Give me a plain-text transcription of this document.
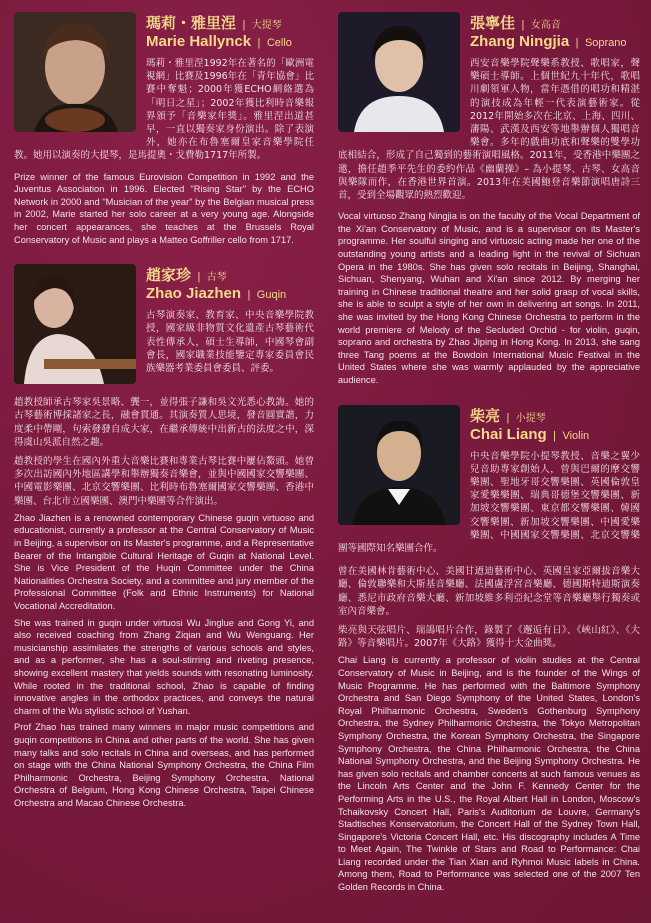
瑪莉・雅里涅 | 大提琴
Marie Hallynck | Cello
瑪莉・雅里涅1992年在著名的「歐洲電視網」比賽及1996年在「青年協會」比賽中奪魁；2000年獲ECHO網絡選為「明日之星」；2002年獲比利時音樂報界頒予「音樂家年獎」。雅里涅出道甚早，一直以獨奏家身份演出。除了表演外，她亦在布魯塞爾皇家音樂學院任教。她用以演奏的大提琴，是馬提奧・戈費勒1717年所製。
Prize winner of the famous Eurovision Competition in 1992 and the Juventus Association in 1996. Elected "Rising Star" by the ECHO Network in 2000 and "Musician of the year" by the Belgian musical press in 2002, Marie started her solo career at a very young age. Alongside her concert appearances, she teaches at the Brussels Royal Conservatory of Music and plays a Matteo Goffriller cello from 1717.
趙家珍 | 古琴
Zhao Jiazhen | Guqin
古琴演奏家、教育家、中央音樂學院教授，國家級非物質文化遺產古琴藝術代表性傳承人，碩士生導師，中國琴會副會長，國家職業技能鑒定專家委員會民族樂器考業委員會委員、評委。
趙教授師承古琴家吳景略、龔一，並得張子謙和吳文光悉心教誨。她的古琴藝術博採諸家之長，融會貫通。其演奏質人思境，發音圓實諧，力度柔中帶剛，句索發發自成大家，在繼承傳統中出新古的法度之中，深得虞山吳派自然之趣。
趙教授的學生在國內外重大音樂比賽和專業古琴比賽中屢佔鰲頭。她曾多次出訪國內外地區講學和舉辦獨奏音樂會，並與中國國家交響樂團、中國電影樂團、北京交響樂團、比利時布魯塞爾國家交響樂團、香港中樂團、台北市立國樂團、澳門中樂團等合作演出。
Zhao Jiazhen is a renowned contemporary Chinese guqin virtuoso and educationist, currently a professor at the Central Conservatory of Music in Beijing, a supervisor on its Master's programme, and a Representative Bearer of the Intangible Cultural Heritage of Guqin at National Level. She is Vice President of the Huqin Committee under the China Nationalities Orchestra Society, and a committee and jury member of the Professional Committee (Folk and Ethnic Instruments) for National Vocational Accreditation.
She was trained in guqin under virtuosi Wu Jinglue and Gong Yi, and also received coaching from Zhang Ziqian and Wu Wenguang. Her musicianship assimilates the strengths of various schools and styles, and as a performer, she has a soul-stirring and riveting presence, showing excellent mastery that yields sounds with resonating luminosity. While rooted in the traditional school, Zhao is capable of finding innovative angles in the orthodox practices, and conveys the natural charm of the Wu stylistic school of Yushan.
Prof Zhao has trained many winners in major music competitions and guqin competitions in China and other parts of the world. She has given many talks and solo recitals in China and overseas, and has performed on stage with the China National Symphony Orchestra, the China Film Philharmonic Orchestra, Beijing Symphony Orchestra, National Orchestra of Belgium, Hong Kong Chinese Orchestra, Taipei Chinese Orchestra and Macao Chinese Orchestra.
張寧佳 | 女高音
Zhang Ningjia | Soprano
西安音樂學院聲樂系教授、歌唱家，聲樂碩士導師。上個世紀九十年代，歌唱川劇領軍人物，當年憑借的唱功和精湛的演技成為年輕一代表演藝術家。從2012年開始多次在北京、上海、四川、瀋陽、武漢及西安等地舉辦個人獨唱音樂會。多年的戲曲功底和聲樂的雙學功底相結合，形成了自己獨到的藝術演唱風格。2011年，受香港中樂團之邀，擔任趙季平先生的委約作品《幽蘭操》– 為小提琴、古琴、女高音與樂隊而作，在香港世界首演。2013年在美國鮑登音樂節演唱唐詩三首，受到全場觀眾的熱烈歡迎。
Vocal virtuoso Zhang Ningjia is on the faculty of the Vocal Department of the Xi'an Conservatory of Music, and is a supervisor on its Master's programme. Her soulful singing and virtuosic acting made her one of the outstanding young artists and a leading light in the revival of Sichuan Opera in the 1980s. She has given solo recitals in Beijing, Shanghai, Sichuan, Shenyang, Wuhan and Xi'an since 2012. By merging her training in Chinese traditional theatre and her solid grasp of vocal skills, she is able to sculpt a style of her own in delivering art songs. In 2011, she was invited by the Hong Kong Chinese Orchestra to perform in the world premiere of Melody of the Secluded Orchid - for violin, guqin, soprano and orchestra by Zhao Jiping in Hong Kong. In 2013, she sang three Tang poems at the Bowdoin International Music Festival in the United States where she was warmly applauded by the appreciative audience.
柴亮 | 小提琴
Chai Liang | Violin
中央音樂學院小提琴教授、音樂之翼少兒音助專家創始人，曾與巴爾的摩交響樂團、聖地牙哥交響樂團、英國倫敦皇家愛樂樂團、瑞典哥德堡交響樂團、新加坡交響樂團、東京都交響樂團、韓國交響樂團、新加坡交響樂團、中國愛樂樂團、中國國家交響樂團、北京交響樂團等國際知名樂團合作。
曾在美國林肯藝術中心、美國甘迺迪藝術中心、英國皇家亞爾拔音樂大廳、倫敦聯樂和大斯基音樂廳、法國盧浮宮音樂廳、德國斯特迪斯演奏廳、悉尼市政府音樂大廳、新加坡維多利亞紀念堂等音樂廳舉行獨奏或室內音樂會。
柴亮與天弦唱片、瑞鴿唱片合作，錄製了《邂逅有日》、《峽山紅》、《大路》等音樂唱片。2007年《大路》獲得十大金曲獎。
Chai Liang is currently a professor of violin studies at the Central Conservatory of Music in Beijing, and is the founder of the Wings of Music Programme. He has performed with the Baltimore Symphony Orchestra and San Diego Symphony of the United States, London's Royal Philharmonic Orchestra, Sweden's Gothenburg Symphony Orchestra, the Sydney Philharmonic Orchestra, the Tokyo Metropolitan Symphony Orchestra, the Korean Symphony Orchestra, the Singapore Symphony Orchestra, the China Philharmonic Orchestra, the China National Symphony Orchestra, and the Beijing Symphony Orchestra. He has given solo recitals and chamber concerts at such famous venues as the Lincoln Arts Center and the John F. Kennedy Center for the Performing Arts in the U.S., the Royal Albert Hall in London, Moscow's Tchaikovsky Concert Hall, Paris's Auditorium de Louvre, Germany's Stadtisches Konservatorium, the Concert Hall of the Sydney Town Hall, Singapore's Victoria Concert Hall, etc. His discography includes A Time to Meet Again, The Twinkle of Stars and Road to Performance: Chai Liang recorded under the Tian Xian and Ryhmoi Music labels in China. Among them, Road to Performance was selected one of the 2007 Ten Golden Records in China.
